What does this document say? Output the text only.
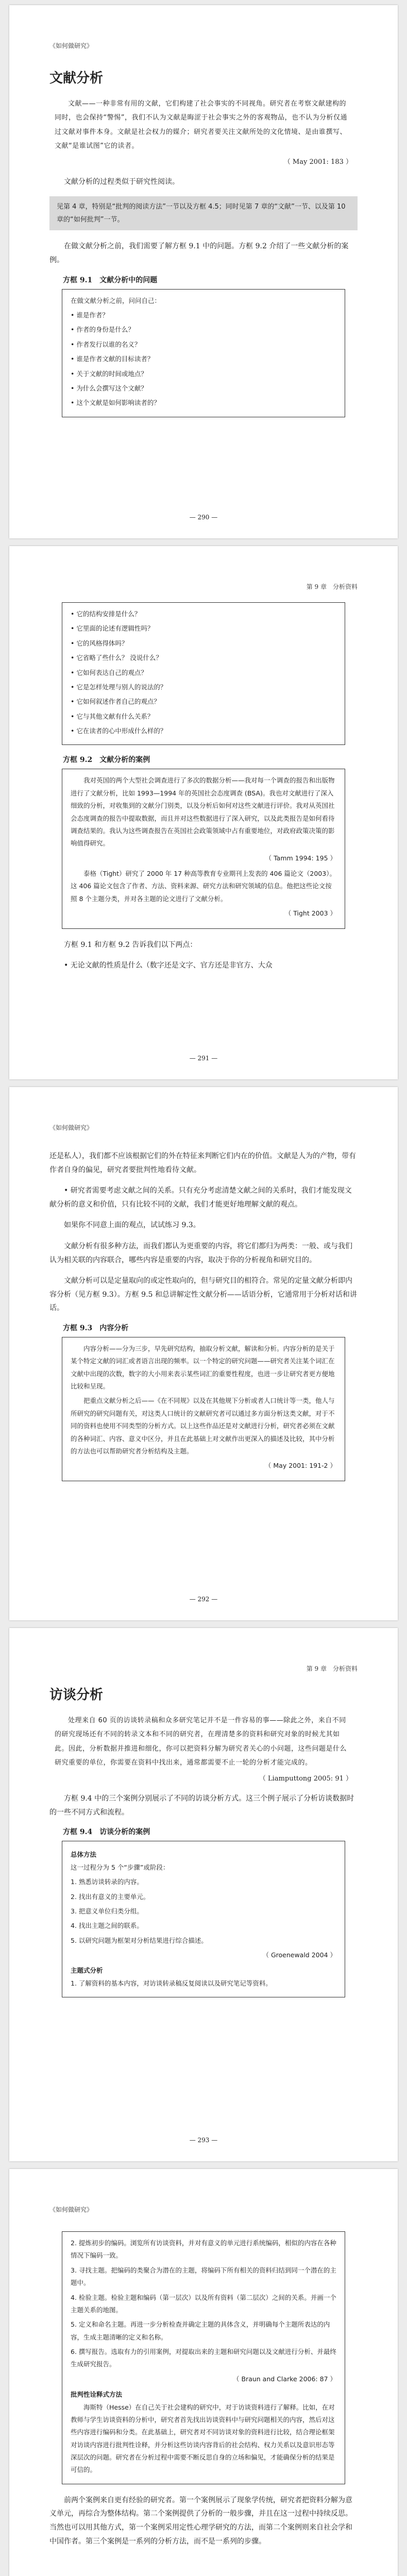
《如何做研究》
文献分析
文献——一种非常有用的文献，它们构建了社会事实的不同视角。研究者在考察文献建构的同时，也会保持“警惕”，我们不认为文献是晦涩于社会事实之外的客观物品，也不认为分析仅通过文献对事件本身。文献是社会权力的媒介；研究者要关注文献所处的文化情境、是由谁撰写、文献“是谁试图”它的读者。
（ May 2001: 183 ）

文献分析的过程类似于研究性阅读。

见第 4 章，特别是“批判的阅读方法”一节以及方框 4.5；同时见第 7 章的“文献”一节、以及第 10 章的“如何批判”一节。

在做文献分析之前，我们需要了解方框 9.1 中的问题。方框 9.2 介绍了一些文献分析的案例。

方框 9.1　文献分析中的问题

在做文献分析之前，问问自己：

• 谁是作者？

• 作者的身份是什么？

• 作者发行以谁的名义？

• 谁是作者文献的目标读者？

• 关于文献的时间或地点？

• 为什么会撰写这个文献？

• 这个文献是如何影响读者的？

— 290 —
第 9 章　分析资料

• 它的结构安排是什么？

• 它里面的论述有逻辑性吗？

• 它的风格得体吗？

• 它省略了些什么？ 没说什么？

• 它如何表达自己的观点？

• 它是怎样处理与别人的说法的？

• 它如何叙述作者自己的观点？

• 它与其他文献有什么关系？

• 它在读者的心中形成什么样的？

方框 9.2　文献分析的案例

我对英国的两个大型社会调查进行了多次的数据分析——我对每一个调查的报告和出版物进行了文献分析，比如 1993—1994 年的英国社会态度调查 (BSA)。我也对文献进行了深入细致的分析，对收集到的文献分门别类，以及分析后如何对这些文献进行评价。我对从英国社会态度调查的报告中提取数据，而且并对这些数据进行了深入研究，以及此类报告是如何看待调查结果的。我认为这些调查报告在英国社会政策领域中占有重要地位，对政府政策决策的影响值得研究。

（ Tamm 1994: 195 ）

泰格（Tight）研究了 2000 年 17 种高等教育专业期刊上发表的 406 篇论文（2003）。这 406 篇论文包含了作者、方法、资料来源、研究方法和研究领域的信息。他把这些论文按照 8 个主题分类，并对各主题的论文进行了文献分析。

（ Tight 2003 ）

方框 9.1 和方框 9.2 告诉我们以下两点：

• 无论文献的性质是什么（数字还是文字、官方还是非官方、大众

— 291 —
《如何做研究》

还是私人），我们都不应该根据它们的外在特征来判断它们内在的价值。文献是人为的产物，带有作者自身的偏见，研究者要批判性地看待文献。

• 研究者需要考虑文献之间的关系。只有充分考虑清楚文献之间的关系时，我们才能发现文献分析的意义和价值，只有比较不同的文献，我们才能更好地理解文献的观点。

如果你不同意上面的观点，试试练习 9.3。

文献分析有很多种方法，而我们都认为更重要的内容，将它们都归为两类：一般、或与我们认为相关联的内容联合，哪些内容是重要的内容，取决于你的分析视角和研究目的。

文献分析可以是定量取向的或定性取向的，但与研究目的相符合。常见的定量文献分析即内容分析（见方框 9.3）。方框 9.5 和总讲解定性文献分析——话语分析，它通常用于分析对话和讲话。

方框 9.3　内容分析

内容分析——分为三步，早先研究结构，抽取分析文献，解读和分析。内容分析的是关于某个特定文献的词汇或者语言出现的频率。以一个特定的研究问题——研究者关注某个词汇在文献中出现的次数，数字的大小用来表示某些词汇的重要性程度，也进一步让研究者更方便地比较和呈现。

把重点文献分析之后——《在不同规》以及在其他规下分析或者人口统计等一类，他人与所研究的研究问题有关，对这类人口统计的文献研究者可以通过多方面分析这类文献，对于不同的资料也使用不同类型的分析方式。以上这些作品还是对文献进行分析，研究者必须在文献的各种词汇、内容、意义中区分，并且在此基础上对文献作出更深入的描述及比较，其中分析的方法也可以帮助研究者分析结构及主题。

（ May 2001: 191-2 ）
— 292 —
第 9 章　分析资料
访谈分析
处理来自 60 页的访谈转录稿和众多研究笔记并不是一件容易的事——除此之外，来自不同的研究现场还有不同的转录文本和不同的研究者，在理清楚多的资料和研究对象的时候尤其如此。因此，分析数据并推进和细化，你可以把资料分解为研究者关心的小问题，这些问题是什么研究重要的单位，你需要在资料中找出来，通常都需要不止一轮的分析才能完成的。
（ Liamputtong 2005: 91 ）

方框 9.4 中的三个案例分别展示了不同的访谈分析方式。这三个例子展示了分析访谈数据时的一些不同方式和流程。

方框 9.4　访谈分析的案例
总体方法

这一过程分为 5 个“步骤”或阶段：

1. 熟悉访谈转录的内容。

2. 找出有意义的主要单元。

3. 把意义单位归类分组。

4. 找出主题之间的联系。

5. 以研究问题为框架对分析结果进行综合描述。

（ Groenewald 2004 ）
主题式分析

1. 了解资料的基本内容，对访谈转录稿反复阅读以及研究笔记等资料。

— 293 —
《如何做研究》

2. 提炼初步的编码。浏览所有访谈资料，并对有意义的单元进行系统编码，相似的内容在各种情况下编码一致。

3. 寻找主题。把编码的类聚合为潜在的主题，将编码下所有相关的资料归结到同一个潜在的主题中。

4. 检验主题。检验主题和编码（第一层次）以及所有资料（第二层次）之间的关系。并画一个主题关系的地图。

5. 定义和命名主题。再进一步分析检查并确定主题的具体含义，并明确每个主题所表达的内容，生成主题清晰的定义和名称。

6. 撰写报告。选取有力的引用案例，对提取出来的主题和研究问题以及文献进行分析、并最终生成研究报告。

（ Braun and Clarke 2006: 87 ）
批判性诠释式方法

海斯特（Hesse）在自己关于社会建构的研究中，对于访谈资料进行了解释。比如，在对教师与学生访谈资料的分析中，研究者首先找出访谈资料中与研究问题相关的内容，然后对这些内容进行编码和分类。在此基础上，研究者对不同访谈对象的资料进行比较，结合理论框架对访谈内容进行批判性诠释，并分析这些访谈内容背后的社会结构、权力关系以及意识形态等深层次的问题。研究者在分析过程中需要不断反思自身的立场和偏见，才能确保分析的结果是可信的。

前两个案例来自更有经验的研究者。第一个案例展示了现象学传统，研究者把资料分解为意义单元，再综合为整体结构。第二个案例提供了分析的一般步骤，并且在这一过程中持续反思。当然也可以用其他方式，第一个案例采用定性心理学研究的方法，而第二个案例则来自社会学和中国作者。第三个案例是一系列的分析方法，而不是一系列的步骤。
